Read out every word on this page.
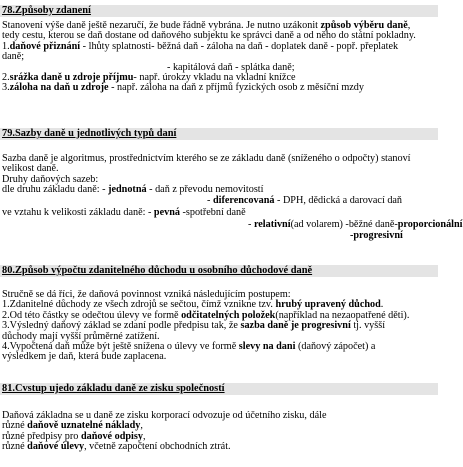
78.Způsoby zdanení
Stanovení výše daně ještě nezaručí, že bude řádně vybrána. Je nutno uzákonit způsob výběru daně,
tedy cestu, kterou se daň dostane od daňového subjektu ke správci daně a od něho do státní pokladny.
1.daňové přiznání - lhůty splatnosti- běžná daň - záloha na daň - doplatek daně - popř. přeplatek
daně;
- kapitálová daň - splátka daně;
2.srážka daně u zdroje příjmu- např. úrokzy vkladu na vkladní knížce
3.záloha na daň u zdroje - např. záloha na daň z příjmů fyzických osob z měsíční mzdy
79.Sazby daně u jednotlivých typů daní
Sazba daně je algoritmus, prostřednictvím kterého se ze základu daně (sníženého o odpočty) stanoví
velikost daně.
Druhy daňových sazeb:
dle druhu základu daně: - jednotná - daň z převodu nemovitostí
- diferencovaná - DPH, dědická a darovací daň
ve vztahu k velikosti základu daně: - pevná -spotřební daně
- relativní(ad volarem) -běžné daně-proporcionální
-progresivní
80.Způsob výpočtu zdanitelného důchodu u osobního důchodové daně
Stručně se dá říci, že daňová povinnost vzniká následujícím postupem:
1.Zdanitelné důchody ze všech zdrojů se sečtou, čímž vznikne tzv. hrubý upravený důchod.
2.Od této částky se odečtou úlevy ve formě odčitatelných položek(například na nezaopatřené děti).
3.Výsledný daňový základ se zdaní podle předpisu tak, že sazba daně je progresivní tj. vyšší
důchody mají vyšší průměrné zatížení.
4.Vypočtená daň může být ještě snížena o úlevy ve formě slevy na dani (daňový zápočet) a
výsledkem je daň, která bude zaplacena.
81.Cvstup ujedo základu daně ze zisku společností
Daňová základna se u daně ze zisku korporací odvozuje od účetního zisku, dále
různé daňově uznatelné náklady,
různé předpisy pro daňové odpisy,
různé daňové úlevy, včetně započtení obchodních ztrát.
